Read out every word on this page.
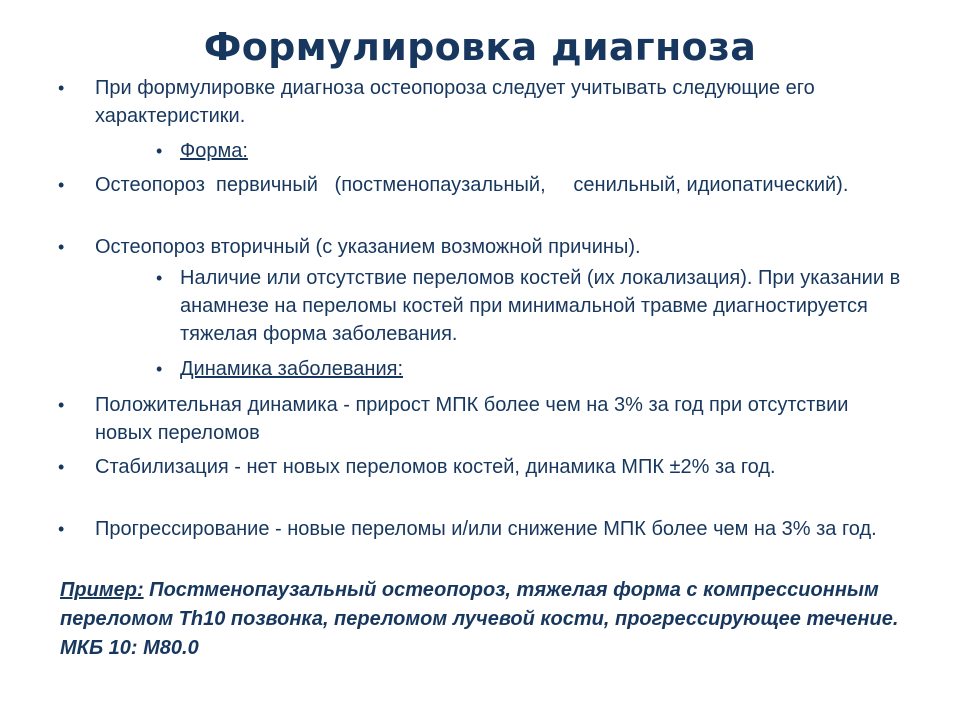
Формулировка диагноза
• При формулировке диагноза остеопороза следует учитывать следующие его характеристики.
• Форма:
• Остеопороз  первичный   (постменопаузальный,     сенильный, идиопатический).
• Остеопороз вторичный (с указанием возможной причины).
• Наличие или отсутствие переломов костей (их локализация). При указании в анамнезе на переломы костей при минимальной травме диагностируется тяжелая форма заболевания.
• Динамика заболевания:
• Положительная динамика - прирост МПК более чем на 3% за год при отсутствии новых переломов
• Стабилизация - нет новых переломов костей, динамика МПК ±2% за год.
• Прогрессирование - новые переломы и/или снижение МПК более чем на 3% за год.
Пример: Постменопаузальный остеопороз, тяжелая форма с компрессионным переломом Th10 позвонка, переломом лучевой кости, прогрессирующее течение. МКБ 10: М80.0
